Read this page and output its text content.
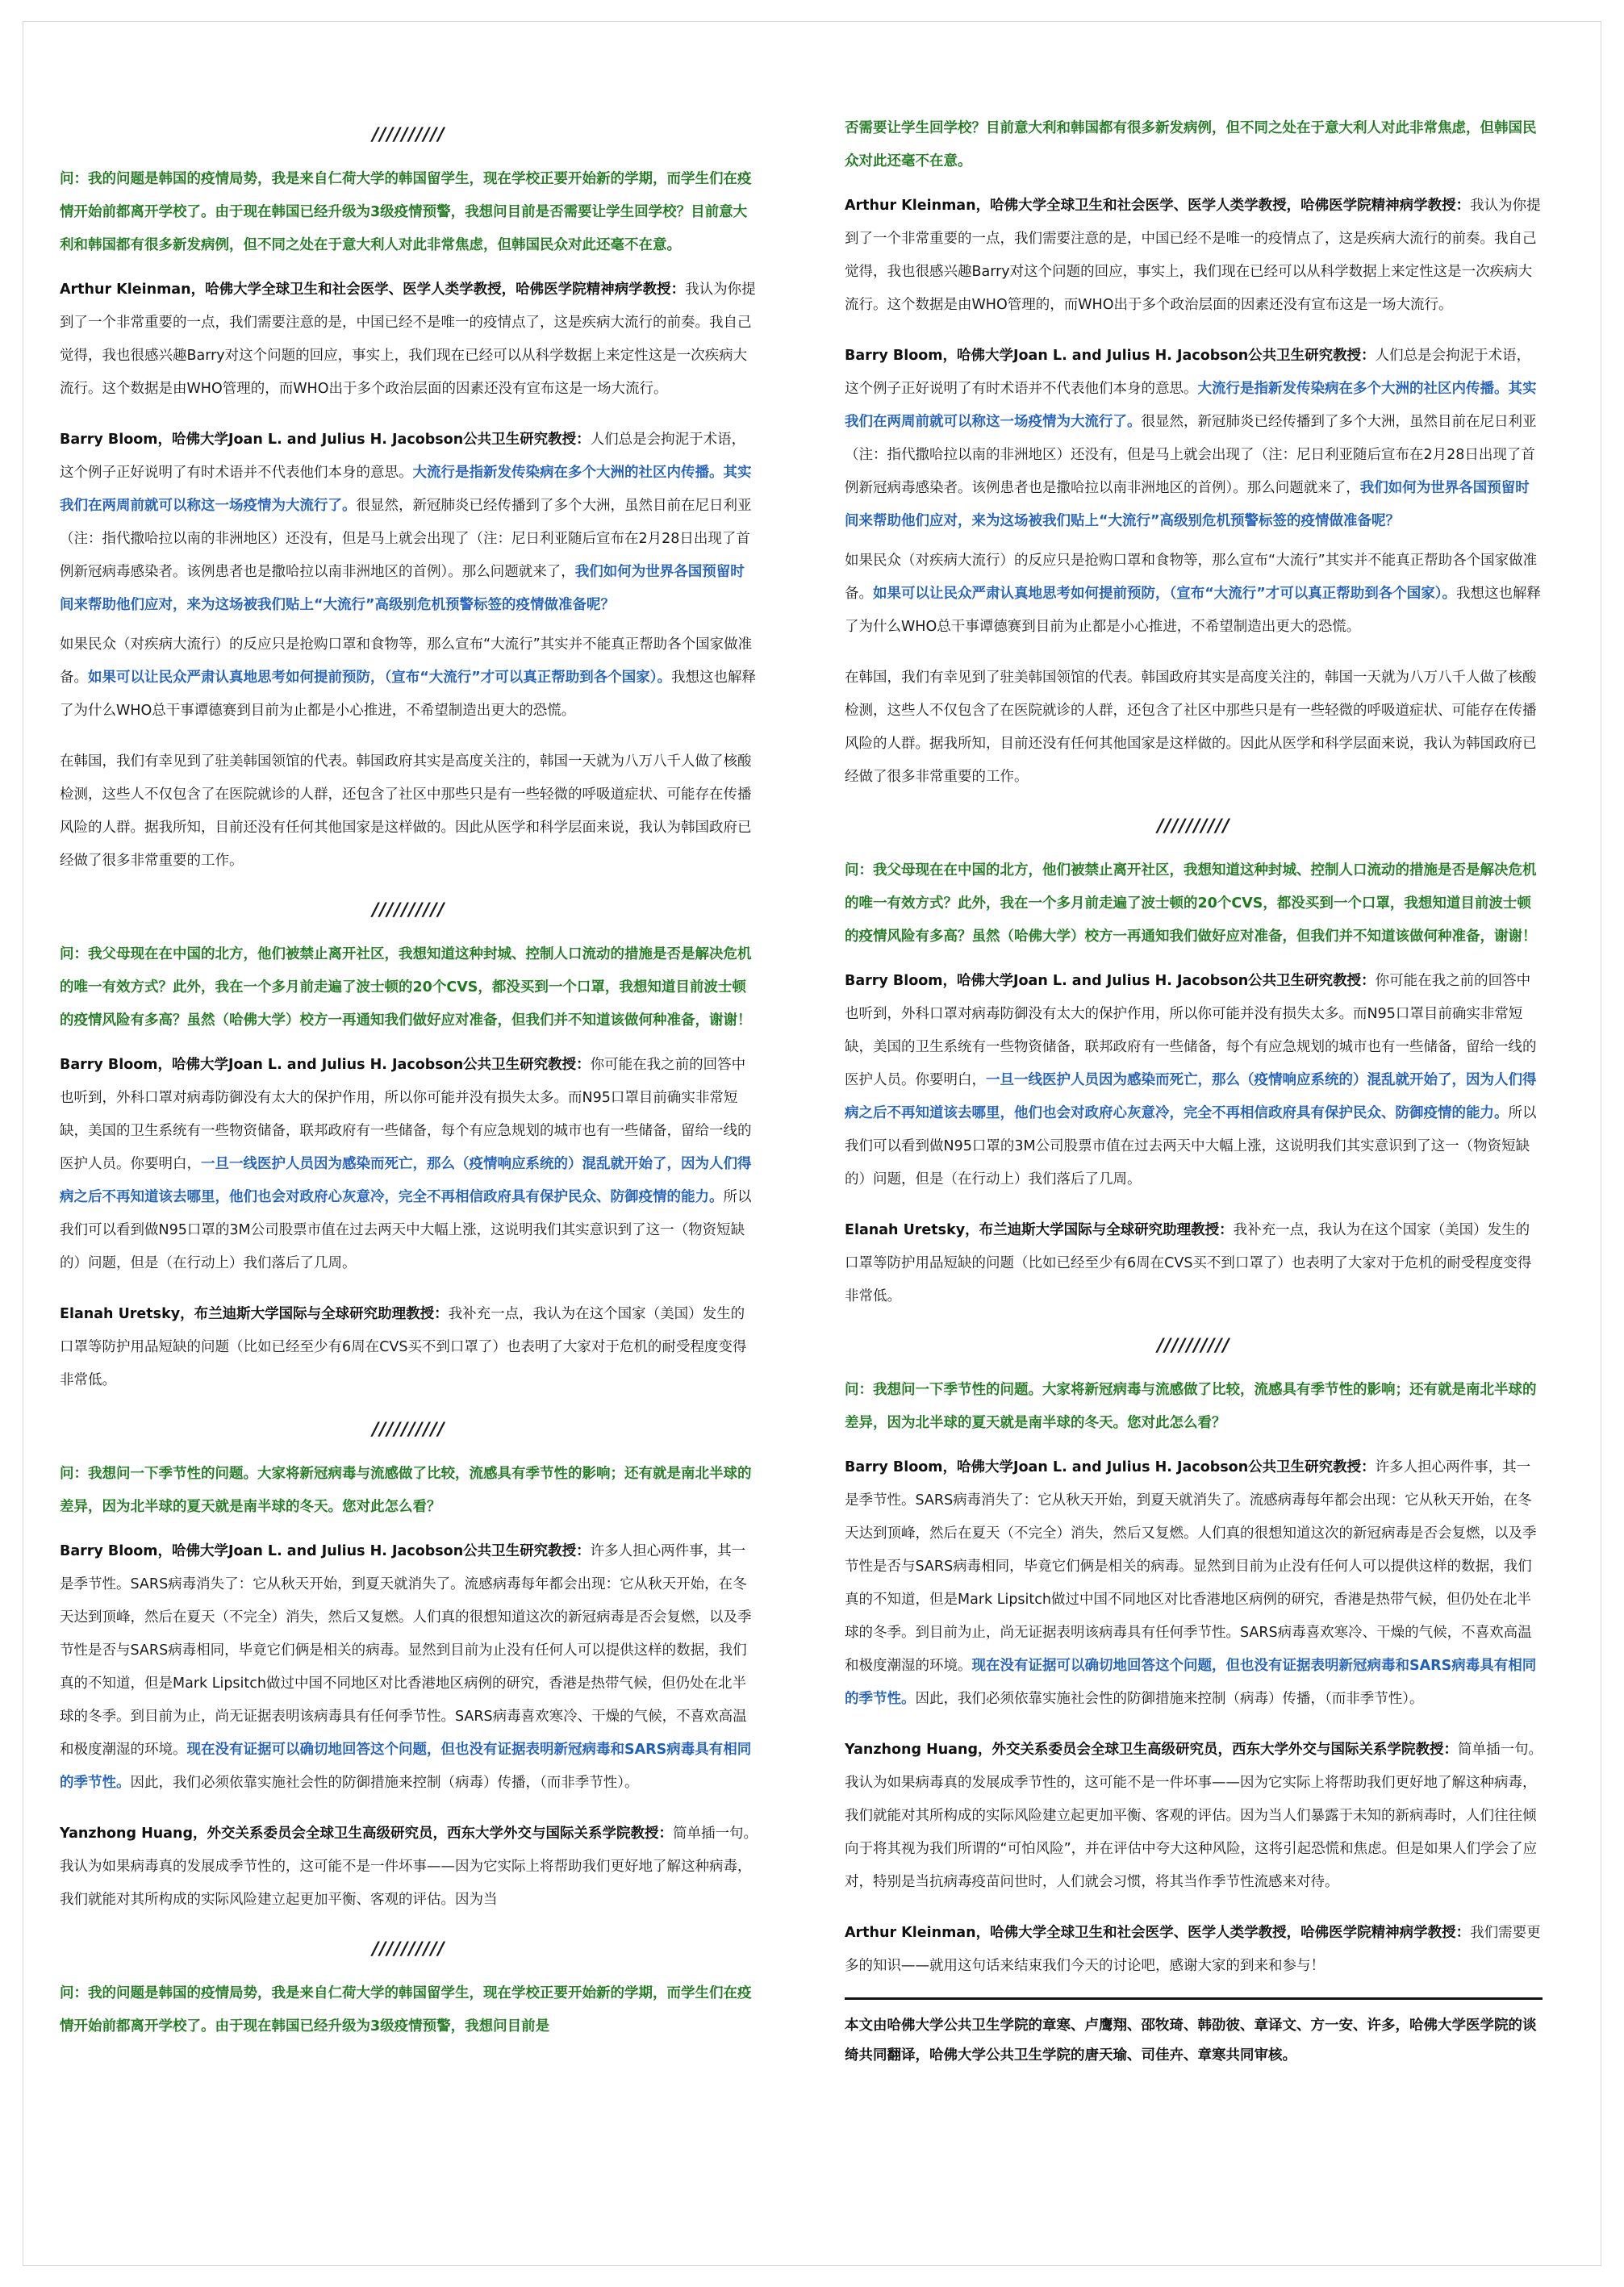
//////////

问：我的问题是韩国的疫情局势，我是来自仁荷大学的韩国留学生，现在学校正要开始新的学期，而学生们在疫情开始前都离开学校了。由于现在韩国已经升级为3级疫情预警，我想问目前是否需要让学生回学校？目前意大利和韩国都有很多新发病例，但不同之处在于意大利人对此非常焦虑，但韩国民众对此还毫不在意。

Arthur Kleinman，哈佛大学全球卫生和社会医学、医学人类学教授，哈佛医学院精神病学教授：我认为你提到了一个非常重要的一点，我们需要注意的是，中国已经不是唯一的疫情点了，这是疾病大流行的前奏。我自己觉得，我也很感兴趣Barry对这个问题的回应，事实上，我们现在已经可以从科学数据上来定性这是一次疾病大流行。这个数据是由WHO管理的，而WHO出于多个政治层面的因素还没有宣布这是一场大流行。

Barry Bloom，哈佛大学Joan L. and Julius H. Jacobson公共卫生研究教授：人们总是会拘泥于术语，这个例子正好说明了有时术语并不代表他们本身的意思。大流行是指新发传染病在多个大洲的社区内传播。其实我们在两周前就可以称这一场疫情为大流行了。很显然，新冠肺炎已经传播到了多个大洲，虽然目前在尼日利亚（注：指代撒哈拉以南的非洲地区）还没有，但是马上就会出现了（注：尼日利亚随后宣布在2月28日出现了首例新冠病毒感染者。该例患者也是撒哈拉以南非洲地区的首例）。那么问题就来了，我们如何为世界各国预留时间来帮助他们应对，来为这场被我们贴上“大流行”高级别危机预警标签的疫情做准备呢？

如果民众（对疾病大流行）的反应只是抢购口罩和食物等，那么宣布“大流行”其实并不能真正帮助各个国家做准备。如果可以让民众严肃认真地思考如何提前预防，（宣布“大流行”才可以真正帮助到各个国家）。我想这也解释了为什么WHO总干事谭德赛到目前为止都是小心推进，不希望制造出更大的恐慌。

在韩国，我们有幸见到了驻美韩国领馆的代表。韩国政府其实是高度关注的，韩国一天就为八万八千人做了核酸检测，这些人不仅包含了在医院就诊的人群，还包含了社区中那些只是有一些轻微的呼吸道症状、可能存在传播风险的人群。据我所知，目前还没有任何其他国家是这样做的。因此从医学和科学层面来说，我认为韩国政府已经做了很多非常重要的工作。

//////////

问：我父母现在在中国的北方，他们被禁止离开社区，我想知道这种封城、控制人口流动的措施是否是解决危机的唯一有效方式？此外，我在一个多月前走遍了波士顿的20个CVS，都没买到一个口罩，我想知道目前波士顿的疫情风险有多高？虽然（哈佛大学）校方一再通知我们做好应对准备，但我们并不知道该做何种准备，谢谢！

Barry Bloom，哈佛大学Joan L. and Julius H. Jacobson公共卫生研究教授：你可能在我之前的回答中也听到，外科口罩对病毒防御没有太大的保护作用，所以你可能并没有损失太多。而N95口罩目前确实非常短缺，美国的卫生系统有一些物资储备，联邦政府有一些储备，每个有应急规划的城市也有一些储备，留给一线的医护人员。你要明白，一旦一线医护人员因为感染而死亡，那么（疫情响应系统的）混乱就开始了，因为人们得病之后不再知道该去哪里，他们也会对政府心灰意冷，完全不再相信政府具有保护民众、防御疫情的能力。所以我们可以看到做N95口罩的3M公司股票市值在过去两天中大幅上涨，这说明我们其实意识到了这一（物资短缺的）问题，但是（在行动上）我们落后了几周。

Elanah Uretsky，布兰迪斯大学国际与全球研究助理教授：我补充一点，我认为在这个国家（美国）发生的口罩等防护用品短缺的问题（比如已经至少有6周在CVS买不到口罩了）也表明了大家对于危机的耐受程度变得非常低。

//////////

问：我想问一下季节性的问题。大家将新冠病毒与流感做了比较，流感具有季节性的影响；还有就是南北半球的差异，因为北半球的夏天就是南半球的冬天。您对此怎么看？

Barry Bloom，哈佛大学Joan L. and Julius H. Jacobson公共卫生研究教授：许多人担心两件事，其一是季节性。SARS病毒消失了：它从秋天开始，到夏天就消失了。流感病毒每年都会出现：它从秋天开始，在冬天达到顶峰，然后在夏天（不完全）消失，然后又复燃。人们真的很想知道这次的新冠病毒是否会复燃，以及季节性是否与SARS病毒相同，毕竟它们俩是相关的病毒。显然到目前为止没有任何人可以提供这样的数据，我们真的不知道，但是Mark Lipsitch做过中国不同地区对比香港地区病例的研究，香港是热带气候，但仍处在北半球的冬季。到目前为止，尚无证据表明该病毒具有任何季节性。SARS病毒喜欢寒冷、干燥的气候，不喜欢高温和极度潮湿的环境。现在没有证据可以确切地回答这个问题，但也没有证据表明新冠病毒和SARS病毒具有相同的季节性。因此，我们必须依靠实施社会性的防御措施来控制（病毒）传播，（而非季节性）。

Yanzhong Huang，外交关系委员会全球卫生高级研究员，西东大学外交与国际关系学院教授：简单插一句。我认为如果病毒真的发展成季节性的，这可能不是一件坏事——因为它实际上将帮助我们更好地了解这种病毒，我们就能对其所构成的实际风险建立起更加平衡、客观的评估。因为当

//////////

问：我的问题是韩国的疫情局势，我是来自仁荷大学的韩国留学生，现在学校正要开始新的学期，而学生们在疫情开始前都离开学校了。由于现在韩国已经升级为3级疫情预警，我想问目前是

否需要让学生回学校？目前意大利和韩国都有很多新发病例，但不同之处在于意大利人对此非常焦虑，但韩国民众对此还毫不在意。

Arthur Kleinman，哈佛大学全球卫生和社会医学、医学人类学教授，哈佛医学院精神病学教授：我认为你提到了一个非常重要的一点，我们需要注意的是，中国已经不是唯一的疫情点了，这是疾病大流行的前奏。我自己觉得，我也很感兴趣Barry对这个问题的回应，事实上，我们现在已经可以从科学数据上来定性这是一次疾病大流行。这个数据是由WHO管理的，而WHO出于多个政治层面的因素还没有宣布这是一场大流行。

Barry Bloom，哈佛大学Joan L. and Julius H. Jacobson公共卫生研究教授：人们总是会拘泥于术语，这个例子正好说明了有时术语并不代表他们本身的意思。大流行是指新发传染病在多个大洲的社区内传播。其实我们在两周前就可以称这一场疫情为大流行了。很显然，新冠肺炎已经传播到了多个大洲，虽然目前在尼日利亚（注：指代撒哈拉以南的非洲地区）还没有，但是马上就会出现了（注：尼日利亚随后宣布在2月28日出现了首例新冠病毒感染者。该例患者也是撒哈拉以南非洲地区的首例）。那么问题就来了，我们如何为世界各国预留时间来帮助他们应对，来为这场被我们贴上“大流行”高级别危机预警标签的疫情做准备呢？

如果民众（对疾病大流行）的反应只是抢购口罩和食物等，那么宣布“大流行”其实并不能真正帮助各个国家做准备。如果可以让民众严肃认真地思考如何提前预防，（宣布“大流行”才可以真正帮助到各个国家）。我想这也解释了为什么WHO总干事谭德赛到目前为止都是小心推进，不希望制造出更大的恐慌。

在韩国，我们有幸见到了驻美韩国领馆的代表。韩国政府其实是高度关注的，韩国一天就为八万八千人做了核酸检测，这些人不仅包含了在医院就诊的人群，还包含了社区中那些只是有一些轻微的呼吸道症状、可能存在传播风险的人群。据我所知，目前还没有任何其他国家是这样做的。因此从医学和科学层面来说，我认为韩国政府已经做了很多非常重要的工作。

//////////

问：我父母现在在中国的北方，他们被禁止离开社区，我想知道这种封城、控制人口流动的措施是否是解决危机的唯一有效方式？此外，我在一个多月前走遍了波士顿的20个CVS，都没买到一个口罩，我想知道目前波士顿的疫情风险有多高？虽然（哈佛大学）校方一再通知我们做好应对准备，但我们并不知道该做何种准备，谢谢！

Barry Bloom，哈佛大学Joan L. and Julius H. Jacobson公共卫生研究教授：你可能在我之前的回答中也听到，外科口罩对病毒防御没有太大的保护作用，所以你可能并没有损失太多。而N95口罩目前确实非常短缺，美国的卫生系统有一些物资储备，联邦政府有一些储备，每个有应急规划的城市也有一些储备，留给一线的医护人员。你要明白，一旦一线医护人员因为感染而死亡，那么（疫情响应系统的）混乱就开始了，因为人们得病之后不再知道该去哪里，他们也会对政府心灰意冷，完全不再相信政府具有保护民众、防御疫情的能力。所以我们可以看到做N95口罩的3M公司股票市值在过去两天中大幅上涨，这说明我们其实意识到了这一（物资短缺的）问题，但是（在行动上）我们落后了几周。

Elanah Uretsky，布兰迪斯大学国际与全球研究助理教授：我补充一点，我认为在这个国家（美国）发生的口罩等防护用品短缺的问题（比如已经至少有6周在CVS买不到口罩了）也表明了大家对于危机的耐受程度变得非常低。

//////////

问：我想问一下季节性的问题。大家将新冠病毒与流感做了比较，流感具有季节性的影响；还有就是南北半球的差异，因为北半球的夏天就是南半球的冬天。您对此怎么看？

Barry Bloom，哈佛大学Joan L. and Julius H. Jacobson公共卫生研究教授：许多人担心两件事，其一是季节性。SARS病毒消失了：它从秋天开始，到夏天就消失了。流感病毒每年都会出现：它从秋天开始，在冬天达到顶峰，然后在夏天（不完全）消失，然后又复燃。人们真的很想知道这次的新冠病毒是否会复燃，以及季节性是否与SARS病毒相同，毕竟它们俩是相关的病毒。显然到目前为止没有任何人可以提供这样的数据，我们真的不知道，但是Mark Lipsitch做过中国不同地区对比香港地区病例的研究，香港是热带气候，但仍处在北半球的冬季。到目前为止，尚无证据表明该病毒具有任何季节性。SARS病毒喜欢寒冷、干燥的气候，不喜欢高温和极度潮湿的环境。现在没有证据可以确切地回答这个问题，但也没有证据表明新冠病毒和SARS病毒具有相同的季节性。因此，我们必须依靠实施社会性的防御措施来控制（病毒）传播，（而非季节性）。

Yanzhong Huang，外交关系委员会全球卫生高级研究员，西东大学外交与国际关系学院教授：简单插一句。我认为如果病毒真的发展成季节性的，这可能不是一件坏事——因为它实际上将帮助我们更好地了解这种病毒，我们就能对其所构成的实际风险建立起更加平衡、客观的评估。因为当人们暴露于未知的新病毒时，人们往往倾向于将其视为我们所谓的“可怕风险”，并在评估中夸大这种风险，这将引起恐慌和焦虑。但是如果人们学会了应对，特别是当抗病毒疫苗问世时，人们就会习惯，将其当作季节性流感来对待。

Arthur Kleinman，哈佛大学全球卫生和社会医学、医学人类学教授，哈佛医学院精神病学教授：我们需要更多的知识——就用这句话来结束我们今天的讨论吧，感谢大家的到来和参与！

本文由哈佛大学公共卫生学院的章寒、卢鹰翔、邵牧琦、韩劭彼、章译文、方一安、许多，哈佛大学医学院的谈绮共同翻译，哈佛大学公共卫生学院的唐天瑜、司佳卉、章寒共同审核。
